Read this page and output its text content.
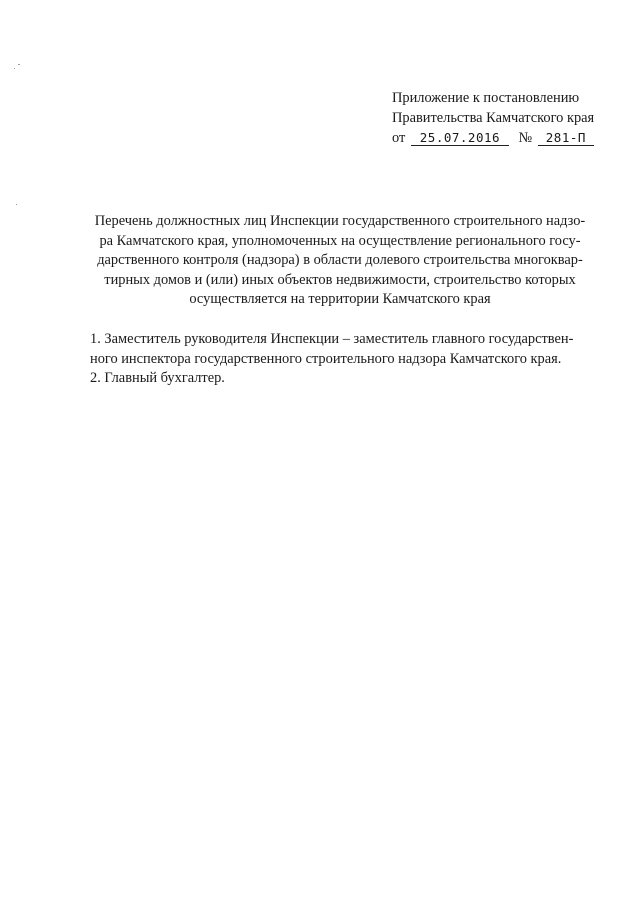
Приложение к постановлению
Правительства Камчатского края
от 25.07.2016 № 281-П
Перечень должностных лиц Инспекции государственного строительного надзо-
ра Камчатского края, уполномоченных на осуществление регионального госу-
дарственного контроля (надзора) в области долевого строительства многоквар-
тирных домов и (или) иных объектов недвижимости, строительство которых
осуществляется на территории Камчатского края
1. Заместитель руководителя Инспекции – заместитель главного государствен-
ного инспектора государственного строительного надзора Камчатского края.
2. Главный бухгалтер.
